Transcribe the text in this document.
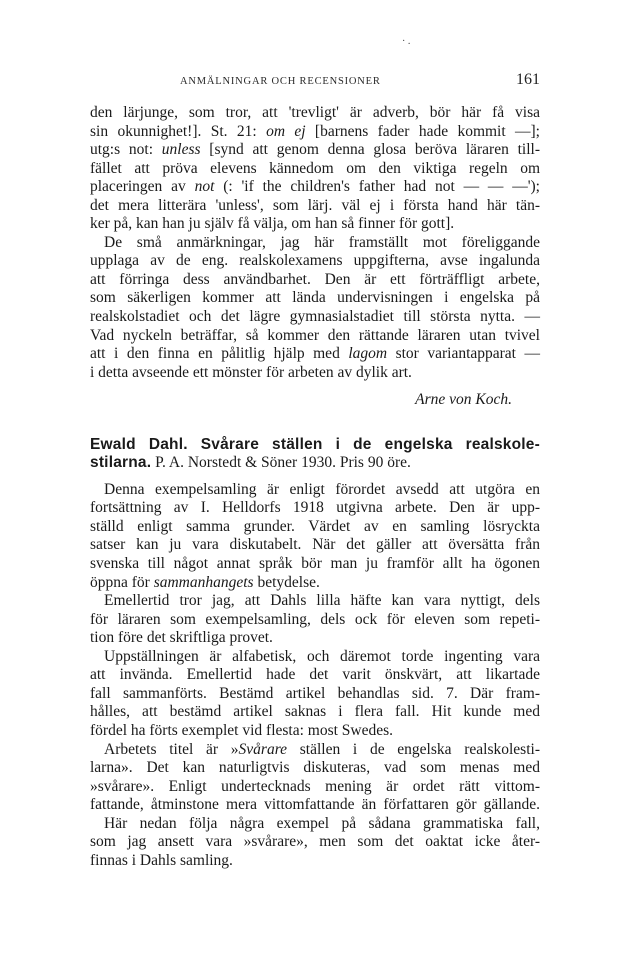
· .
ANMÄLNINGAR OCH RECENSIONER	161
den lärjunge, som tror, att 'trevligt' är adverb, bör här få visa
sin okunnighet!]. St. 21: om ej [barnens fader hade kommit —];
utg:s not: unless [synd att genom denna glosa beröva läraren till-
fället att pröva elevens kännedom om den viktiga regeln om
placeringen av not (: 'if the children's father had not — — —');
det mera litterära 'unless', som lärj. väl ej i första hand här tän-
ker på, kan han ju själv få välja, om han så finner för gott].
De små anmärkningar, jag här framställt mot föreliggande
upplaga av de eng. realskolexamens uppgifterna, avse ingalunda
att förringa dess användbarhet. Den är ett förträffligt arbete,
som säkerligen kommer att lända undervisningen i engelska på
realskolstadiet och det lägre gymnasialstadiet till största nytta. —
Vad nyckeln beträffar, så kommer den rättande läraren utan tvivel
att i den finna en pålitlig hjälp med lagom stor variantapparat —
i detta avseende ett mönster för arbeten av dylik art.
Arne von Koch.
Ewald Dahl. Svårare ställen i de engelska realskole-
stilarna. P. A. Norstedt & Söner 1930. Pris 90 öre.
Denna exempelsamling är enligt förordet avsedd att utgöra en
fortsättning av I. Helldorfs 1918 utgivna arbete. Den är upp-
ställd enligt samma grunder. Värdet av en samling lösryckta
satser kan ju vara diskutabelt. När det gäller att översätta från
svenska till något annat språk bör man ju framför allt ha ögonen
öppna för sammanhangets betydelse.
Emellertid tror jag, att Dahls lilla häfte kan vara nyttigt, dels
för läraren som exempelsamling, dels ock för eleven som repeti-
tion före det skriftliga provet.
Uppställningen är alfabetisk, och däremot torde ingenting vara
att invända. Emellertid hade det varit önskvärt, att likartade
fall sammanförts. Bestämd artikel behandlas sid. 7. Där fram-
hålles, att bestämd artikel saknas i flera fall. Hit kunde med
fördel ha förts exemplet vid flesta: most Swedes.
Arbetets titel är »Svårare ställen i de engelska realskolesti-
larna». Det kan naturligtvis diskuteras, vad som menas med
»svårare». Enligt undertecknads mening är ordet rätt vittom-
fattande, åtminstone mera vittomfattande än författaren gör gällande.
Här nedan följa några exempel på sådana grammatiska fall,
som jag ansett vara »svårare», men som det oaktat icke åter-
finnas i Dahls samling.
